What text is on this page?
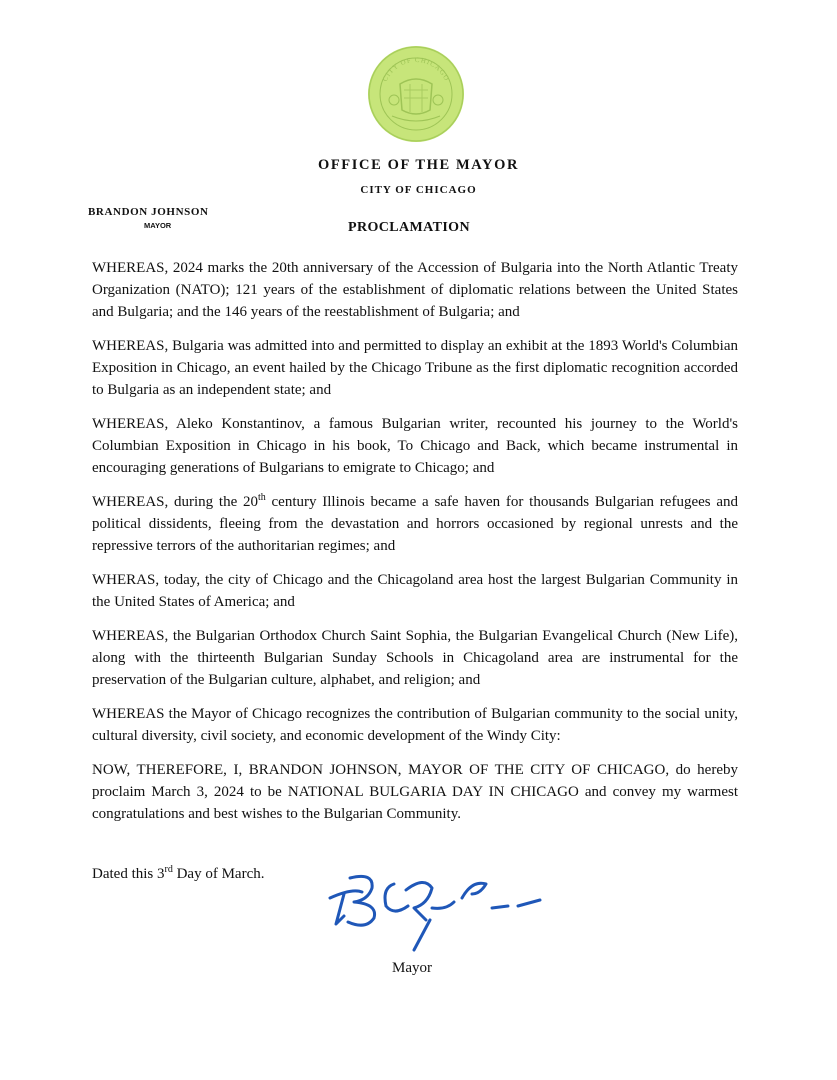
CITY OF CHICAGO
OFFICE OF THE MAYOR
CITY OF CHICAGO
BRANDON JOHNSON
MAYOR	PROCLAMATION

WHEREAS, 2024 marks the 20th anniversary of the Accession of Bulgaria into the North Atlantic Treaty Organization (NATO); 121 years of the establishment of diplomatic relations between the United States and Bulgaria; and the 146 years of the reestablishment of Bulgaria; and

WHEREAS, Bulgaria was admitted into and permitted to display an exhibit at the 1893 World's Columbian Exposition in Chicago, an event hailed by the Chicago Tribune as the first diplomatic recognition accorded to Bulgaria as an independent state; and

WHEREAS, Aleko Konstantinov, a famous Bulgarian writer, recounted his journey to the World's Columbian Exposition in Chicago in his book, To Chicago and Back, which became instrumental in encouraging generations of Bulgarians to emigrate to Chicago; and

WHEREAS, during the 20th century Illinois became a safe haven for thousands Bulgarian refugees and political dissidents, fleeing from the devastation and horrors occasioned by regional unrests and the repressive terrors of the authoritarian regimes; and

WHERAS, today, the city of Chicago and the Chicagoland area host the largest Bulgarian Community in the United States of America; and

WHEREAS, the Bulgarian Orthodox Church Saint Sophia, the Bulgarian Evangelical Church (New Life), along with the thirteenth Bulgarian Sunday Schools in Chicagoland area are instrumental for the preservation of the Bulgarian culture, alphabet, and religion; and

WHEREAS the Mayor of Chicago recognizes the contribution of Bulgarian community to the social unity, cultural diversity, civil society, and economic development of the Windy City:

NOW, THEREFORE, I, BRANDON JOHNSON, MAYOR OF THE CITY OF CHICAGO, do hereby proclaim March 3, 2024 to be NATIONAL BULGARIA DAY IN CHICAGO and convey my warmest congratulations and best wishes to the Bulgarian Community.

Dated this 3rd Day of March.
Mayor
